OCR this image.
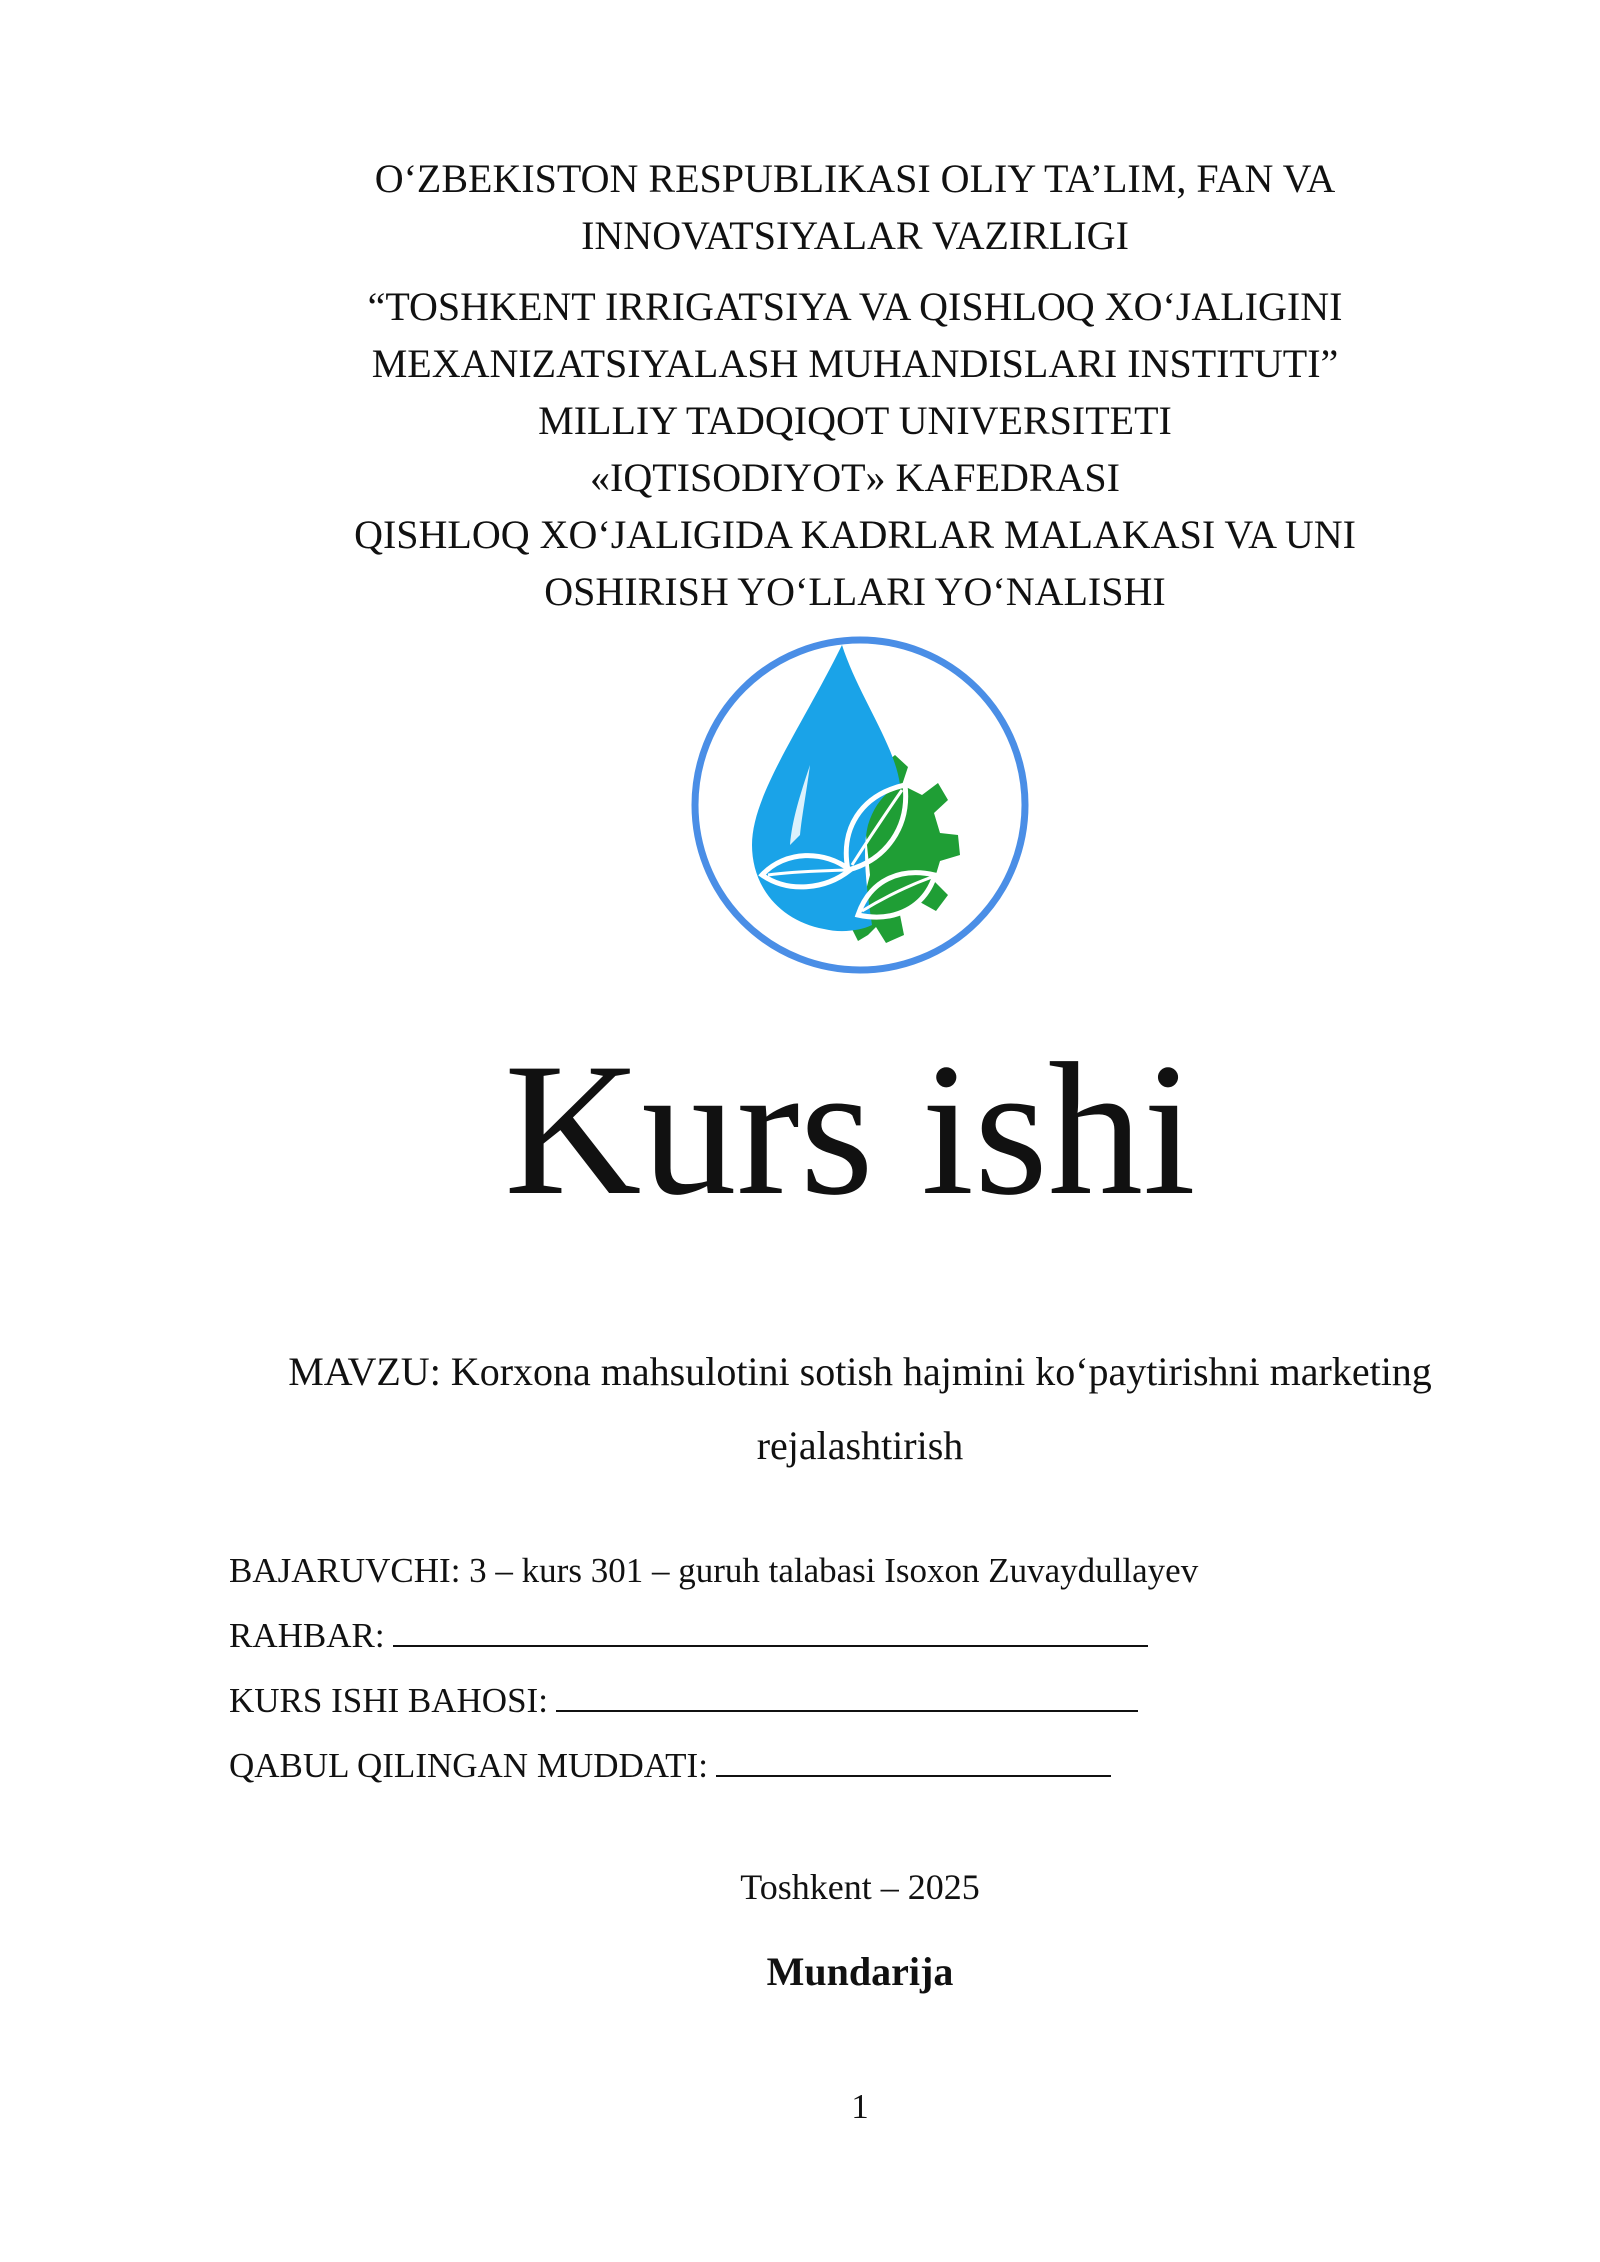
O‘ZBEKISTON RESPUBLIKASI OLIY TA’LIM, FAN VA
INNOVATSIYALAR VAZIRLIGI
“TOSHKENT IRRIGATSIYA VA QISHLOQ XO‘JALIGINI
MEXANIZATSIYALASH MUHANDISLARI INSTITUTI”
MILLIY TADQIQOT UNIVERSITETI
«IQTISODIYOT» KAFEDRASI
QISHLOQ XO‘JALIGIDA KADRLAR MALAKASI VA UNI
OSHIRISH YO‘LLARI YO‘NALISHI
Kurs ishi
MAVZU: Korxona mahsulotini sotish hajmini ko‘paytirishni marketing
rejalashtirish
BAJARUVCHI: 3 – kurs 301 – guruh talabasi Isoxon Zuvaydullayev
RAHBAR:
KURS ISHI BAHOSI:
QABUL QILINGAN MUDDATI:
Toshkent – 2025
Mundarija
1
